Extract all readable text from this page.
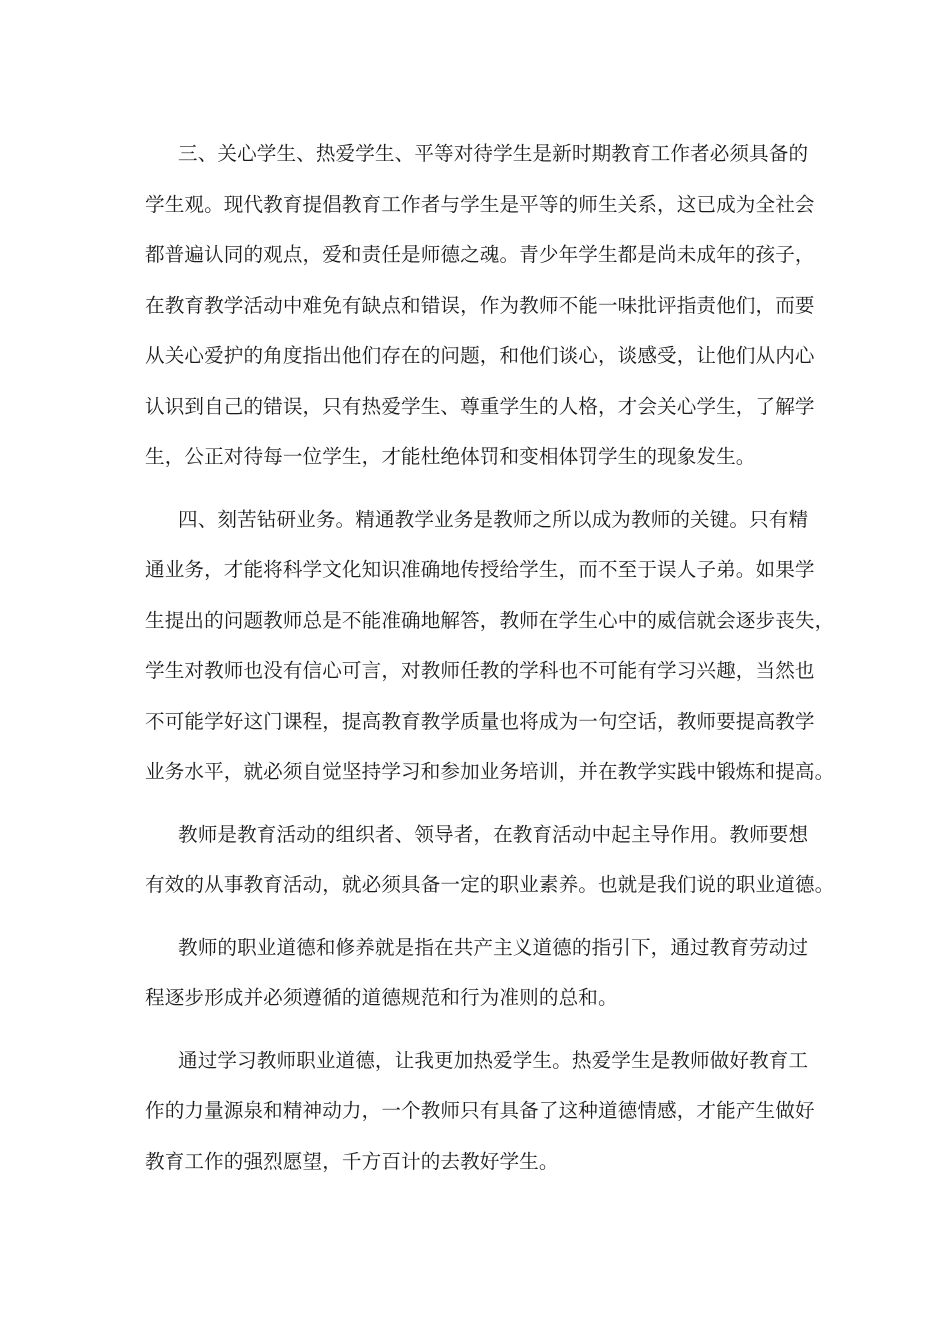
三、关心学生、热爱学生、平等对待学生是新时期教育工作者必须具备的
学生观。现代教育提倡教育工作者与学生是平等的师生关系，这已成为全社会
都普遍认同的观点，爱和责任是师德之魂。青少年学生都是尚未成年的孩子，
在教育教学活动中难免有缺点和错误，作为教师不能一味批评指责他们，而要
从关心爱护的角度指出他们存在的问题，和他们谈心，谈感受，让他们从内心
认识到自己的错误，只有热爱学生、尊重学生的人格，才会关心学生，了解学
生，公正对待每一位学生，才能杜绝体罚和变相体罚学生的现象发生。

四、刻苦钻研业务。精通教学业务是教师之所以成为教师的关键。只有精
通业务，才能将科学文化知识准确地传授给学生，而不至于误人子弟。如果学
生提出的问题教师总是不能准确地解答，教师在学生心中的威信就会逐步丧失，
学生对教师也没有信心可言，对教师任教的学科也不可能有学习兴趣，当然也
不可能学好这门课程，提高教育教学质量也将成为一句空话，教师要提高教学
业务水平，就必须自觉坚持学习和参加业务培训，并在教学实践中锻炼和提高。

教师是教育活动的组织者、领导者，在教育活动中起主导作用。教师要想
有效的从事教育活动，就必须具备一定的职业素养。也就是我们说的职业道德。

教师的职业道德和修养就是指在共产主义道德的指引下，通过教育劳动过
程逐步形成并必须遵循的道德规范和行为准则的总和。

通过学习教师职业道德，让我更加热爱学生。热爱学生是教师做好教育工
作的力量源泉和精神动力，一个教师只有具备了这种道德情感，才能产生做好
教育工作的强烈愿望，千方百计的去教好学生。
